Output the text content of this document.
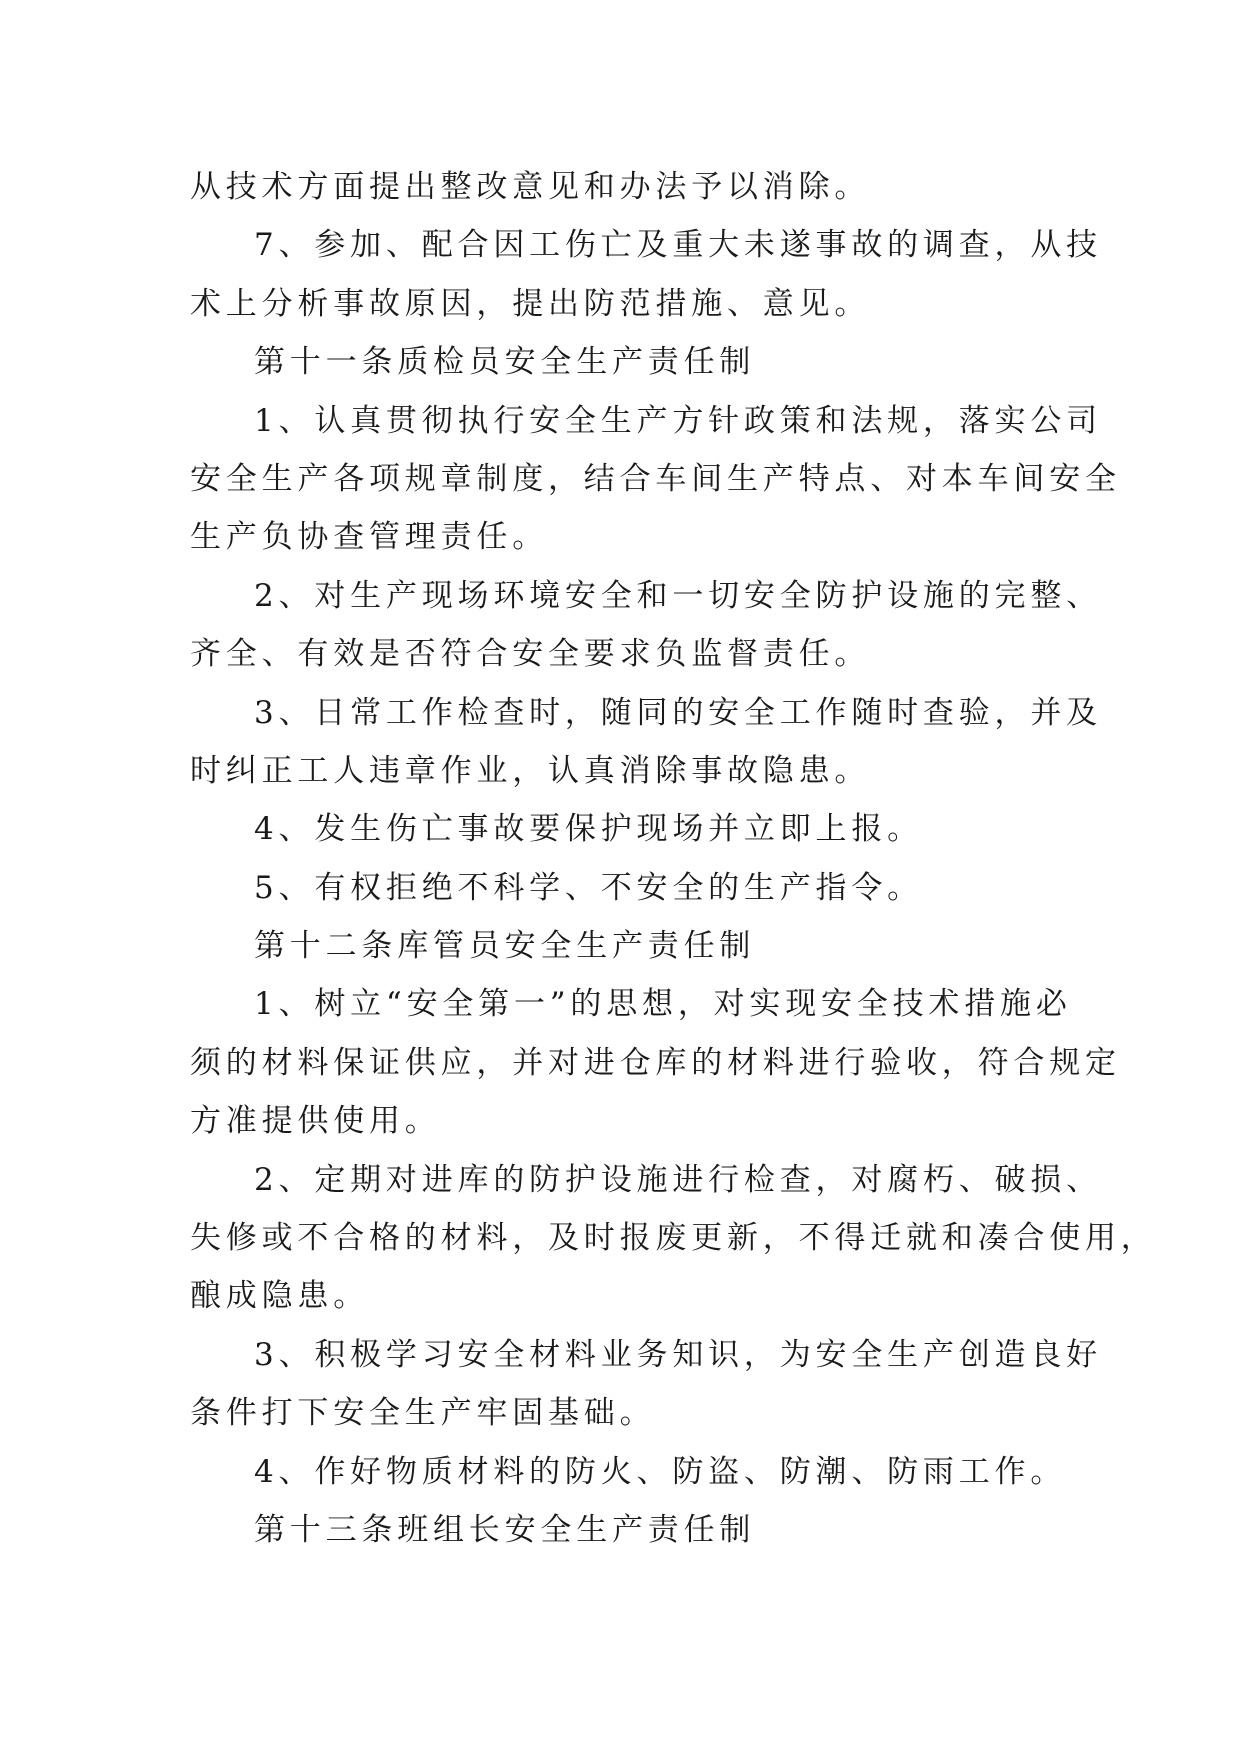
从技术方面提出整改意见和办法予以消除。
7、参加、配合因工伤亡及重大未遂事故的调查，从技
术上分析事故原因，提出防范措施、意见。
第十一条质检员安全生产责任制
1、认真贯彻执行安全生产方针政策和法规，落实公司
安全生产各项规章制度，结合车间生产特点、对本车间安全
生产负协查管理责任。
2、对生产现场环境安全和一切安全防护设施的完整、
齐全、有效是否符合安全要求负监督责任。
3、日常工作检查时，随同的安全工作随时查验，并及
时纠正工人违章作业，认真消除事故隐患。
4、发生伤亡事故要保护现场并立即上报。
5、有权拒绝不科学、不安全的生产指令。
第十二条库管员安全生产责任制
1、树立“安全第一”的思想，对实现安全技术措施必
须的材料保证供应，并对进仓库的材料进行验收，符合规定
方准提供使用。
2、定期对进库的防护设施进行检查，对腐朽、破损、
失修或不合格的材料，及时报废更新，不得迁就和凑合使用，
酿成隐患。
3、积极学习安全材料业务知识，为安全生产创造良好
条件打下安全生产牢固基础。
4、作好物质材料的防火、防盗、防潮、防雨工作。
第十三条班组长安全生产责任制
